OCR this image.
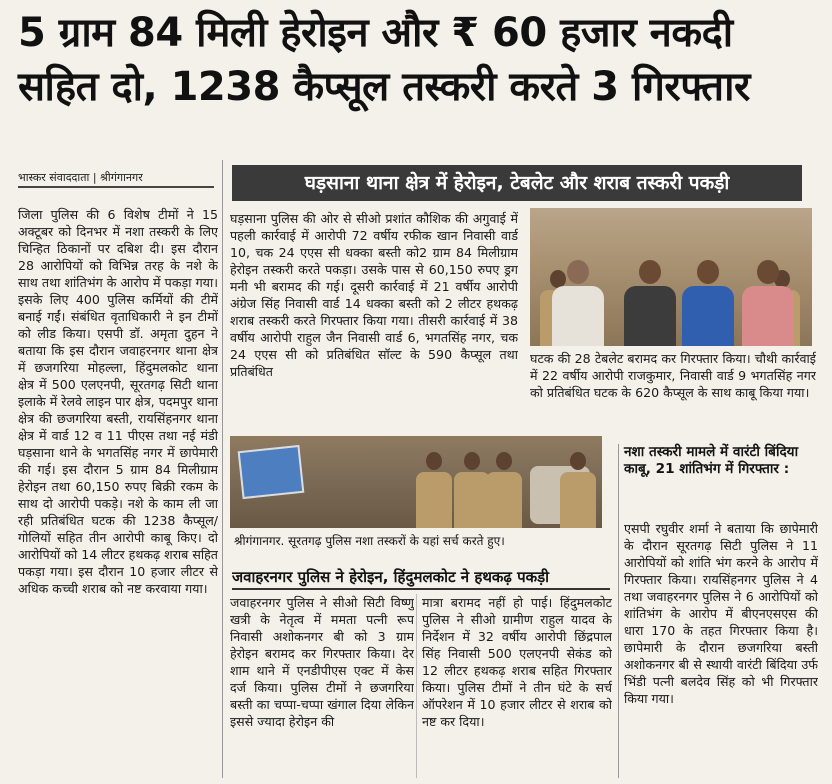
5 ग्राम 84 मिली हेरोइन और ₹ 60 हजार नकदी
सहित दो, 1238 कैप्सूल तस्करी करते 3 गिरफ्तार
भास्कर संवाददाता | श्रीगंगानगर
जिला पुलिस की 6 विशेष टीमों ने 15 अक्टूबर को दिनभर में नशा तस्करी के लिए चिन्हित ठिकानों पर दबिश दी। इस दौरान 28 आरोपियों को विभिन्न तरह के नशे के साथ तथा शांतिभंग के आरोप में पकड़ा गया। इसके लिए 400 पुलिस कर्मियों की टीमें बनाई गईं। संबंधित वृताधिकारी ने इन टीमों को लीड किया। एसपी डॉ. अमृता दुहन ने बताया कि इस दौरान जवाहरनगर थाना क्षेत्र में छजगरिया मोहल्ला, हिंदुमलकोट थाना क्षेत्र में 500 एलएनपी, सूरतगढ़ सिटी थाना इलाके में रेलवे लाइन पार क्षेत्र, पदमपुर थाना क्षेत्र की छजगरिया बस्ती, रायसिंहनगर थाना क्षेत्र में वार्ड 12 व 11 पीएस तथा नई मंडी घड़साना थाने के भगतसिंह नगर में छापेमारी की गई। इस दौरान 5 ग्राम 84 मिलीग्राम हेरोइन तथा 60,150 रुपए बिक्री रकम के साथ दो आरोपी पकड़े। नशे के काम ली जा रही प्रतिबंधित घटक की 1238 कैप्सूल/गोलियों सहित तीन आरोपी काबू किए। दो आरोपियों को 14 लीटर हथकढ़ शराब सहित पकड़ा गया। इस दौरान 10 हजार लीटर से अधिक कच्ची शराब को नष्ट करवाया गया।
घड़साना थाना क्षेत्र में हेरोइन, टेबलेट और शराब तस्करी पकड़ी
घड़साना पुलिस की ओर से सीओ प्रशांत कौशिक की अगुवाई में पहली कार्रवाई में आरोपी 72 वर्षीय रफीक खान निवासी वार्ड 10, चक 24 एएस सी धक्का बस्ती को2 ग्राम 84 मिलीग्राम हेरोइन तस्करी करते पकड़ा। उसके पास से 60,150 रुपए ड्रग मनी भी बरामद की गई। दूसरी कार्रवाई में 21 वर्षीय आरोपी अंग्रेज सिंह निवासी वार्ड 14 धक्का बस्ती को 2 लीटर हथकढ़ शराब तस्करी करते गिरफ्तार किया गया। तीसरी कार्रवाई में 38 वर्षीय आरोपी राहुल जैन निवासी वार्ड 6, भगतसिंह नगर, चक 24 एएस सी को प्रतिबंधित सॉल्ट के 590 कैप्सूल तथा प्रतिबंधित
घटक की 28 टेबलेट बरामद कर गिरफ्तार किया। चौथी कार्रवाई में 22 वर्षीय आरोपी राजकुमार, निवासी वार्ड 9 भगतसिंह नगर को प्रतिबंधित घटक के 620 कैप्सूल के साथ काबू किया गया।
श्रीगंगानगर. सूरतगढ़ पुलिस नशा तस्करों के यहां सर्च करते हुए।
नशा तस्करी मामले में वारंटी बिंदिया काबू, 21 शांतिभंग में गिरफ्तार :
एसपी रघुवीर शर्मा ने बताया कि छापेमारी के दौरान सूरतगढ़ सिटी पुलिस ने 11 आरोपियों को शांति भंग करने के आरोप में गिरफ्तार किया। रायसिंहनगर पुलिस ने 4 तथा जवाहरनगर पुलिस ने 6 आरोपियों को शांतिभंग के आरोप में बीएनएसएस की धारा 170 के तहत गिरफ्तार किया है। छापेमारी के दौरान छजगरिया बस्ती अशोकनगर बी से स्थायी वारंटी बिंदिया उर्फ भिंडी पत्नी बलदेव सिंह को भी गिरफ्तार किया गया।
जवाहरनगर पुलिस ने हेरोइन, हिंदुमलकोट ने हथकढ़ पकड़ी
जवाहरनगर पुलिस ने सीओ सिटी विष्णु खत्री के नेतृत्व में ममता पत्नी रूप निवासी अशोकनगर बी को 3 ग्राम हेरोइन बरामद कर गिरफ्तार किया। देर शाम थाने में एनडीपीएस एक्ट में केस दर्ज किया। पुलिस टीमों ने छजगरिया बस्ती का चप्पा-चप्पा खंगाल दिया लेकिन इससे ज्यादा हेरोइन की
मात्रा बरामद नहीं हो पाई। हिंदुमलकोट पुलिस ने सीओ ग्रामीण राहुल यादव के निर्देशन में 32 वर्षीय आरोपी छिंद्रपाल सिंह निवासी 500 एलएनपी सेकंड को 12 लीटर हथकढ़ शराब सहित गिरफ्तार किया। पुलिस टीमों ने तीन घंटे के सर्च ऑपरेशन में 10 हजार लीटर से शराब को नष्ट कर दिया।
